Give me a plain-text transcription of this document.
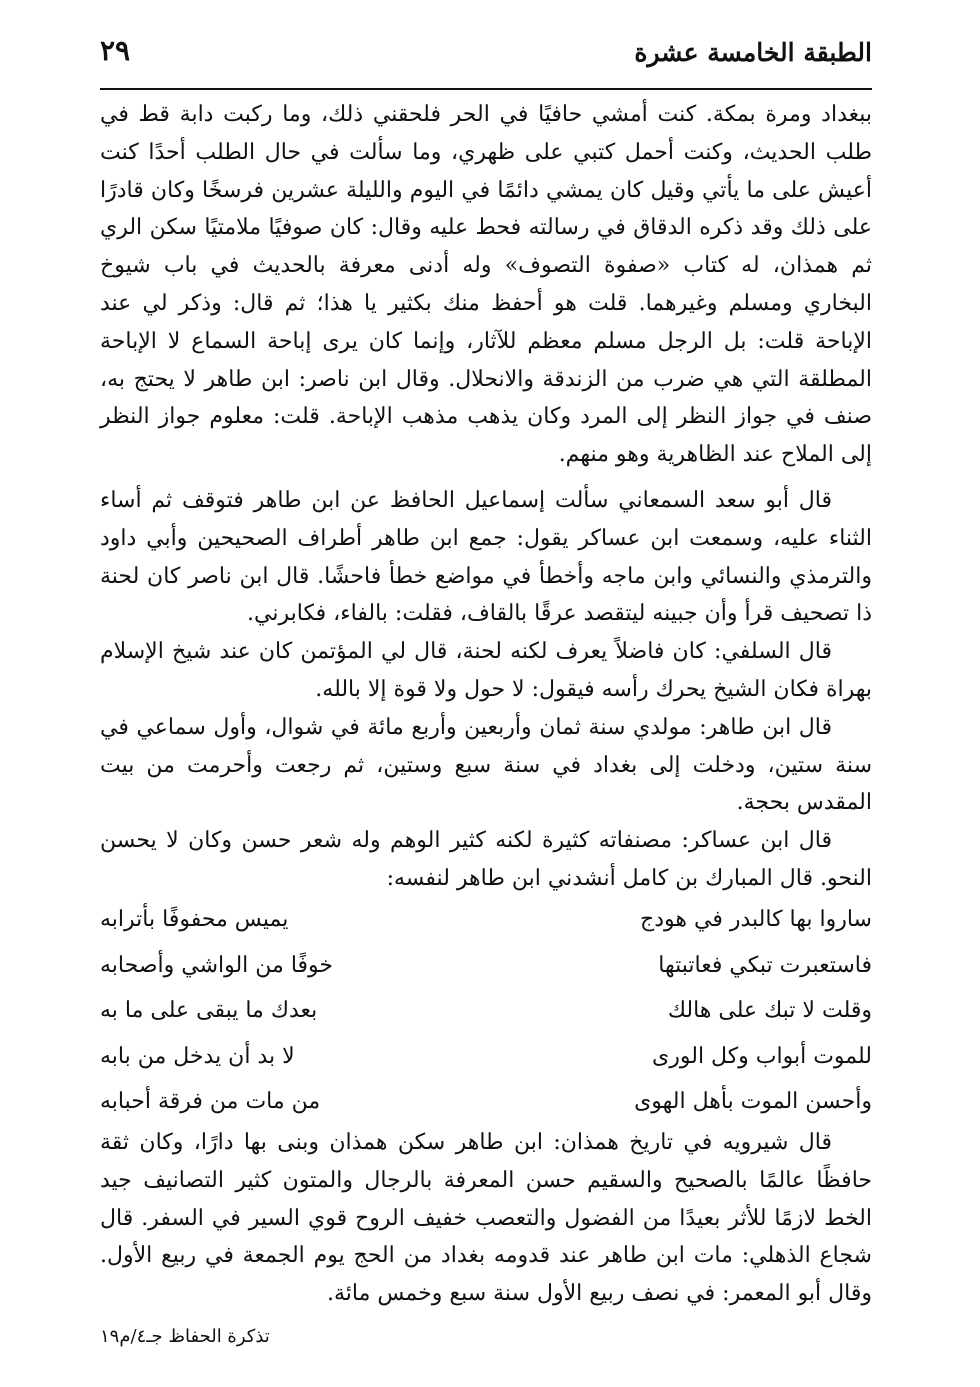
الطبقة الخامسة عشرة
٢٩

ببغداد ومرة بمكة. كنت أمشي حافيًا في الحر فلحقني ذلك، وما ركبت دابة قط في طلب الحديث، وكنت أحمل كتبي على ظهري، وما سألت في حال الطلب أحدًا كنت أعيش على ما يأتي وقيل كان يمشي دائمًا في اليوم والليلة عشرين فرسخًا وكان قادرًا على ذلك وقد ذكره الدقاق في رسالته فحط عليه وقال: كان صوفيًا ملامتيًا سكن الري ثم همذان، له كتاب «صفوة التصوف» وله أدنى معرفة بالحديث في باب شيوخ البخاري ومسلم وغيرهما. قلت هو أحفظ منك بكثير يا هذا؛ ثم قال: وذكر لي عند الإباحة قلت: بل الرجل مسلم معظم للآثار، وإنما كان يرى إباحة السماع لا الإباحة المطلقة التي هي ضرب من الزندقة والانحلال. وقال ابن ناصر: ابن طاهر لا يحتج به، صنف في جواز النظر إلى المرد وكان يذهب مذهب الإباحة. قلت: معلوم جواز النظر إلى الملاح عند الظاهرية وهو منهم.

قال أبو سعد السمعاني سألت إسماعيل الحافظ عن ابن طاهر فتوقف ثم أساء الثناء عليه، وسمعت ابن عساكر يقول: جمع ابن طاهر أطراف الصحيحين وأبي داود والترمذي والنسائي وابن ماجه وأخطأ في مواضع خطأ فاحشًا. قال ابن ناصر كان لحنة ذا تصحيف قرأ وأن جبينه ليتقصد عرقًا بالقاف، فقلت: بالفاء، فكابرني.

قال السلفي: كان فاضلاً يعرف لكنه لحنة، قال لي المؤتمن كان عند شيخ الإسلام بهراة فكان الشيخ يحرك رأسه فيقول: لا حول ولا قوة إلا بالله.

قال ابن طاهر: مولدي سنة ثمان وأربعين وأربع مائة في شوال، وأول سماعي في سنة ستين، ودخلت إلى بغداد في سنة سبع وستين، ثم رجعت وأحرمت من بيت المقدس بحجة.

قال ابن عساكر: مصنفاته كثيرة لكنه كثير الوهم وله شعر حسن وكان لا يحسن النحو. قال المبارك بن كامل أنشدني ابن طاهر لنفسه:

ساروا بها كالبدر في هودج
يميس محفوفًا بأترابه
فاستعبرت تبكي فعاتبتها
خوفًا من الواشي وأصحابه
وقلت لا تبك على هالك
بعدك ما يبقى على ما به
للموت أبواب وكل الورى
لا بد أن يدخل من بابه
وأحسن الموت بأهل الهوى
من مات من فرقة أحبابه

قال شيرويه في تاريخ همذان: ابن طاهر سكن همذان وبنى بها دارًا، وكان ثقة حافظًا عالمًا بالصحيح والسقيم حسن المعرفة بالرجال والمتون كثير التصانيف جيد الخط لازمًا للأثر بعيدًا من الفضول والتعصب خفيف الروح قوي السير في السفر. قال شجاع الذهلي: مات ابن طاهر عند قدومه بغداد من الحج يوم الجمعة في ربيع الأول. وقال أبو المعمر: في نصف ربيع الأول سنة سبع وخمس مائة.

تذكرة الحفاظ جـ٤/م١٩
